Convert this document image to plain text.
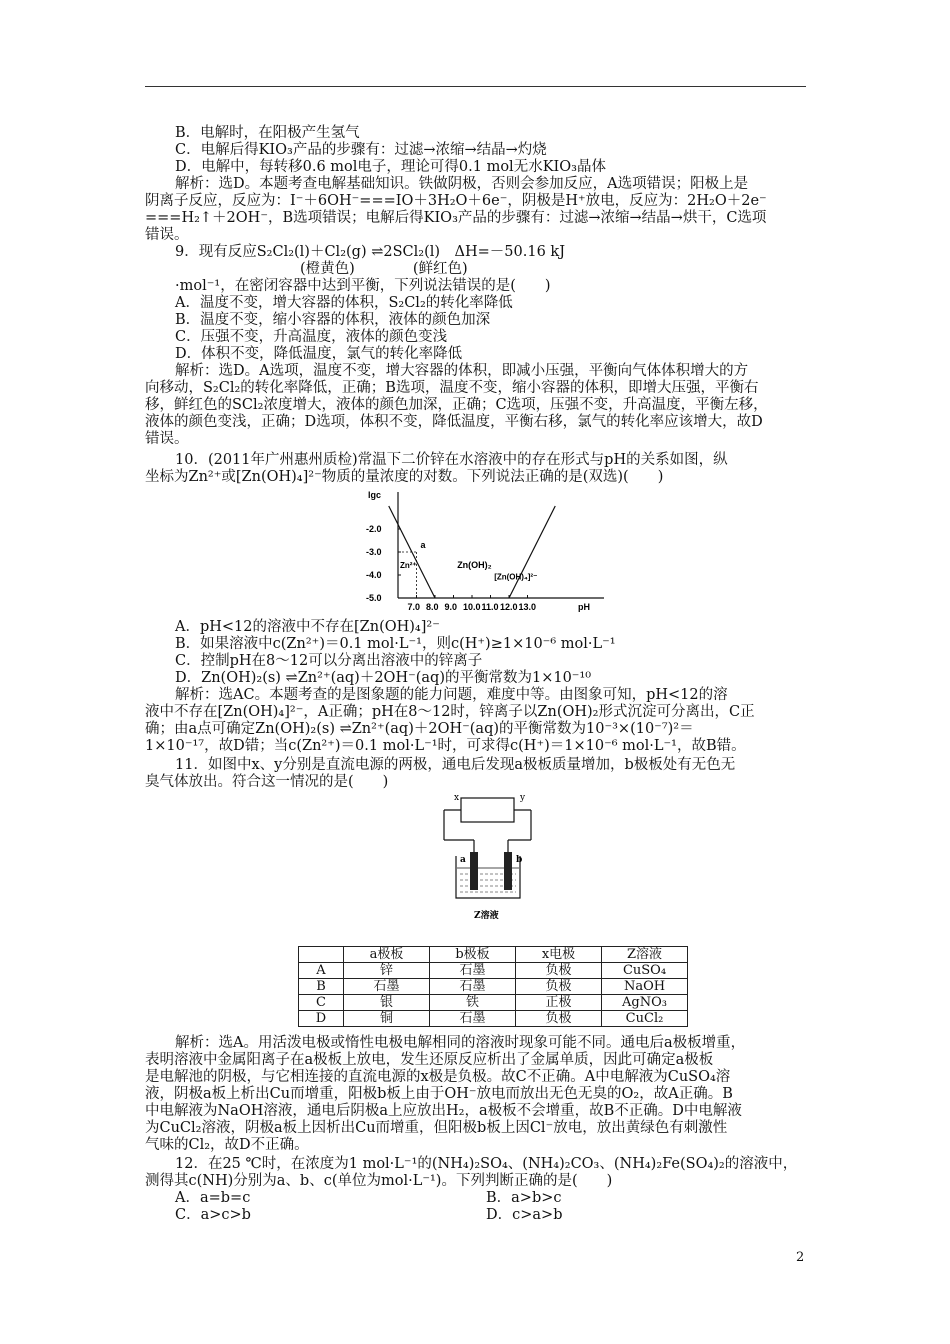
B．电解时，在阳极产生氢气
C．电解后得KIO₃产品的步骤有：过滤→浓缩→结晶→灼烧
D．电解中，每转移0.6 mol电子，理论可得0.1 mol无水KIO₃晶体
解析：选D。本题考查电解基础知识。铁做阴极，否则会参加反应，A选项错误；阳极上是
阴离子反应，反应为：I⁻＋6OH⁻===IO＋3H₂O＋6e⁻，阴极是H⁺放电，反应为：2H₂O＋2e⁻
===H₂↑＋2OH⁻，B选项错误；电解后得KIO₃产品的步骤有：过滤→浓缩→结晶→烘干，C选项
错误。
9．现有反应S₂Cl₂(l)＋Cl₂(g) ⇌2SCl₂(l)　ΔH=－50.16 kJ
(橙黄色)　　　　(鲜红色)
·mol⁻¹，在密闭容器中达到平衡，下列说法错误的是(　　)
A．温度不变，增大容器的体积，S₂Cl₂的转化率降低
B．温度不变，缩小容器的体积，液体的颜色加深
C．压强不变，升高温度，液体的颜色变浅
D．体积不变，降低温度，氯气的转化率降低
解析：选D。A选项，温度不变，增大容器的体积，即减小压强，平衡向气体体积增大的方
向移动，S₂Cl₂的转化率降低，正确；B选项，温度不变，缩小容器的体积，即增大压强，平衡右
移，鲜红色的SCl₂浓度增大，液体的颜色加深，正确；C选项，压强不变，升高温度，平衡左移，
液体的颜色变浅，正确；D选项，体积不变，降低温度，平衡右移，氯气的转化率应该增大，故D
错误。
10．(2011年广州惠州质检)常温下二价锌在水溶液中的存在形式与pH的关系如图，纵
坐标为Zn²⁺或[Zn(OH)₄]²⁻物质的量浓度的对数。下列说法正确的是(双选)(　　)
lgc
pH
-2.0
-3.0
-4.0
-5.0
7.0 8.0 9.0 10.0 11.0 12.0 13.0
a
Zn²⁺	Zn(OH)₂
[Zn(OH)₄]²⁻
A．pH<12的溶液中不存在[Zn(OH)₄]²⁻
B．如果溶液中c(Zn²⁺)＝0.1 mol·L⁻¹，则c(H⁺)≥1×10⁻⁶ mol·L⁻¹
C．控制pH在8～12可以分离出溶液中的锌离子
D．Zn(OH)₂(s) ⇌Zn²⁺(aq)＋2OH⁻(aq)的平衡常数为1×10⁻¹⁰
解析：选AC。本题考查的是图象题的能力问题，难度中等。由图象可知，pH<12的溶
液中不存在[Zn(OH)₄]²⁻，A正确；pH在8～12时，锌离子以Zn(OH)₂形式沉淀可分离出，C正
确；由a点可确定Zn(OH)₂(s) ⇌Zn²⁺(aq)＋2OH⁻(aq)的平衡常数为10⁻³×(10⁻⁷)²＝
1×10⁻¹⁷，故D错；当c(Zn²⁺)＝0.1 mol·L⁻¹时，可求得c(H⁺)＝1×10⁻⁶ mol·L⁻¹，故B错。
11．如图中x、y分别是直流电源的两极，通电后发现a极板质量增加，b极板处有无色无
臭气体放出。符合这一情况的是(　　)
x	y
a	b
Z溶液
	a极板	b极板	x电极	Z溶液
A	锌	石墨	负极	CuSO₄
B	石墨	石墨	负极	NaOH
C	银	铁	正极	AgNO₃
D	铜	石墨	负极	CuCl₂
解析：选A。用活泼电极或惰性电极电解相同的溶液时现象可能不同。通电后a极板增重，
表明溶液中金属阳离子在a极板上放电，发生还原反应析出了金属单质，因此可确定a极板
是电解池的阴极，与它相连接的直流电源的x极是负极。故C不正确。A中电解液为CuSO₄溶
液，阴极a板上析出Cu而增重，阳极b板上由于OH⁻放电而放出无色无臭的O₂，故A正确。B
中电解液为NaOH溶液，通电后阴极a上应放出H₂，a极板不会增重，故B不正确。D中电解液
为CuCl₂溶液，阴极a板上因析出Cu而增重，但阳极b板上因Cl⁻放电，放出黄绿色有刺激性
气味的Cl₂，故D不正确。
12．在25 ℃时，在浓度为1 mol·L⁻¹的(NH₄)₂SO₄、(NH₄)₂CO₃、(NH₄)₂Fe(SO₄)₂的溶液中，
测得其c(NH)分别为a、b、c(单位为mol·L⁻¹)。下列判断正确的是(　　)
A．a=b=c	B．a>b>c
C．a>c>b	D．c>a>b
2
